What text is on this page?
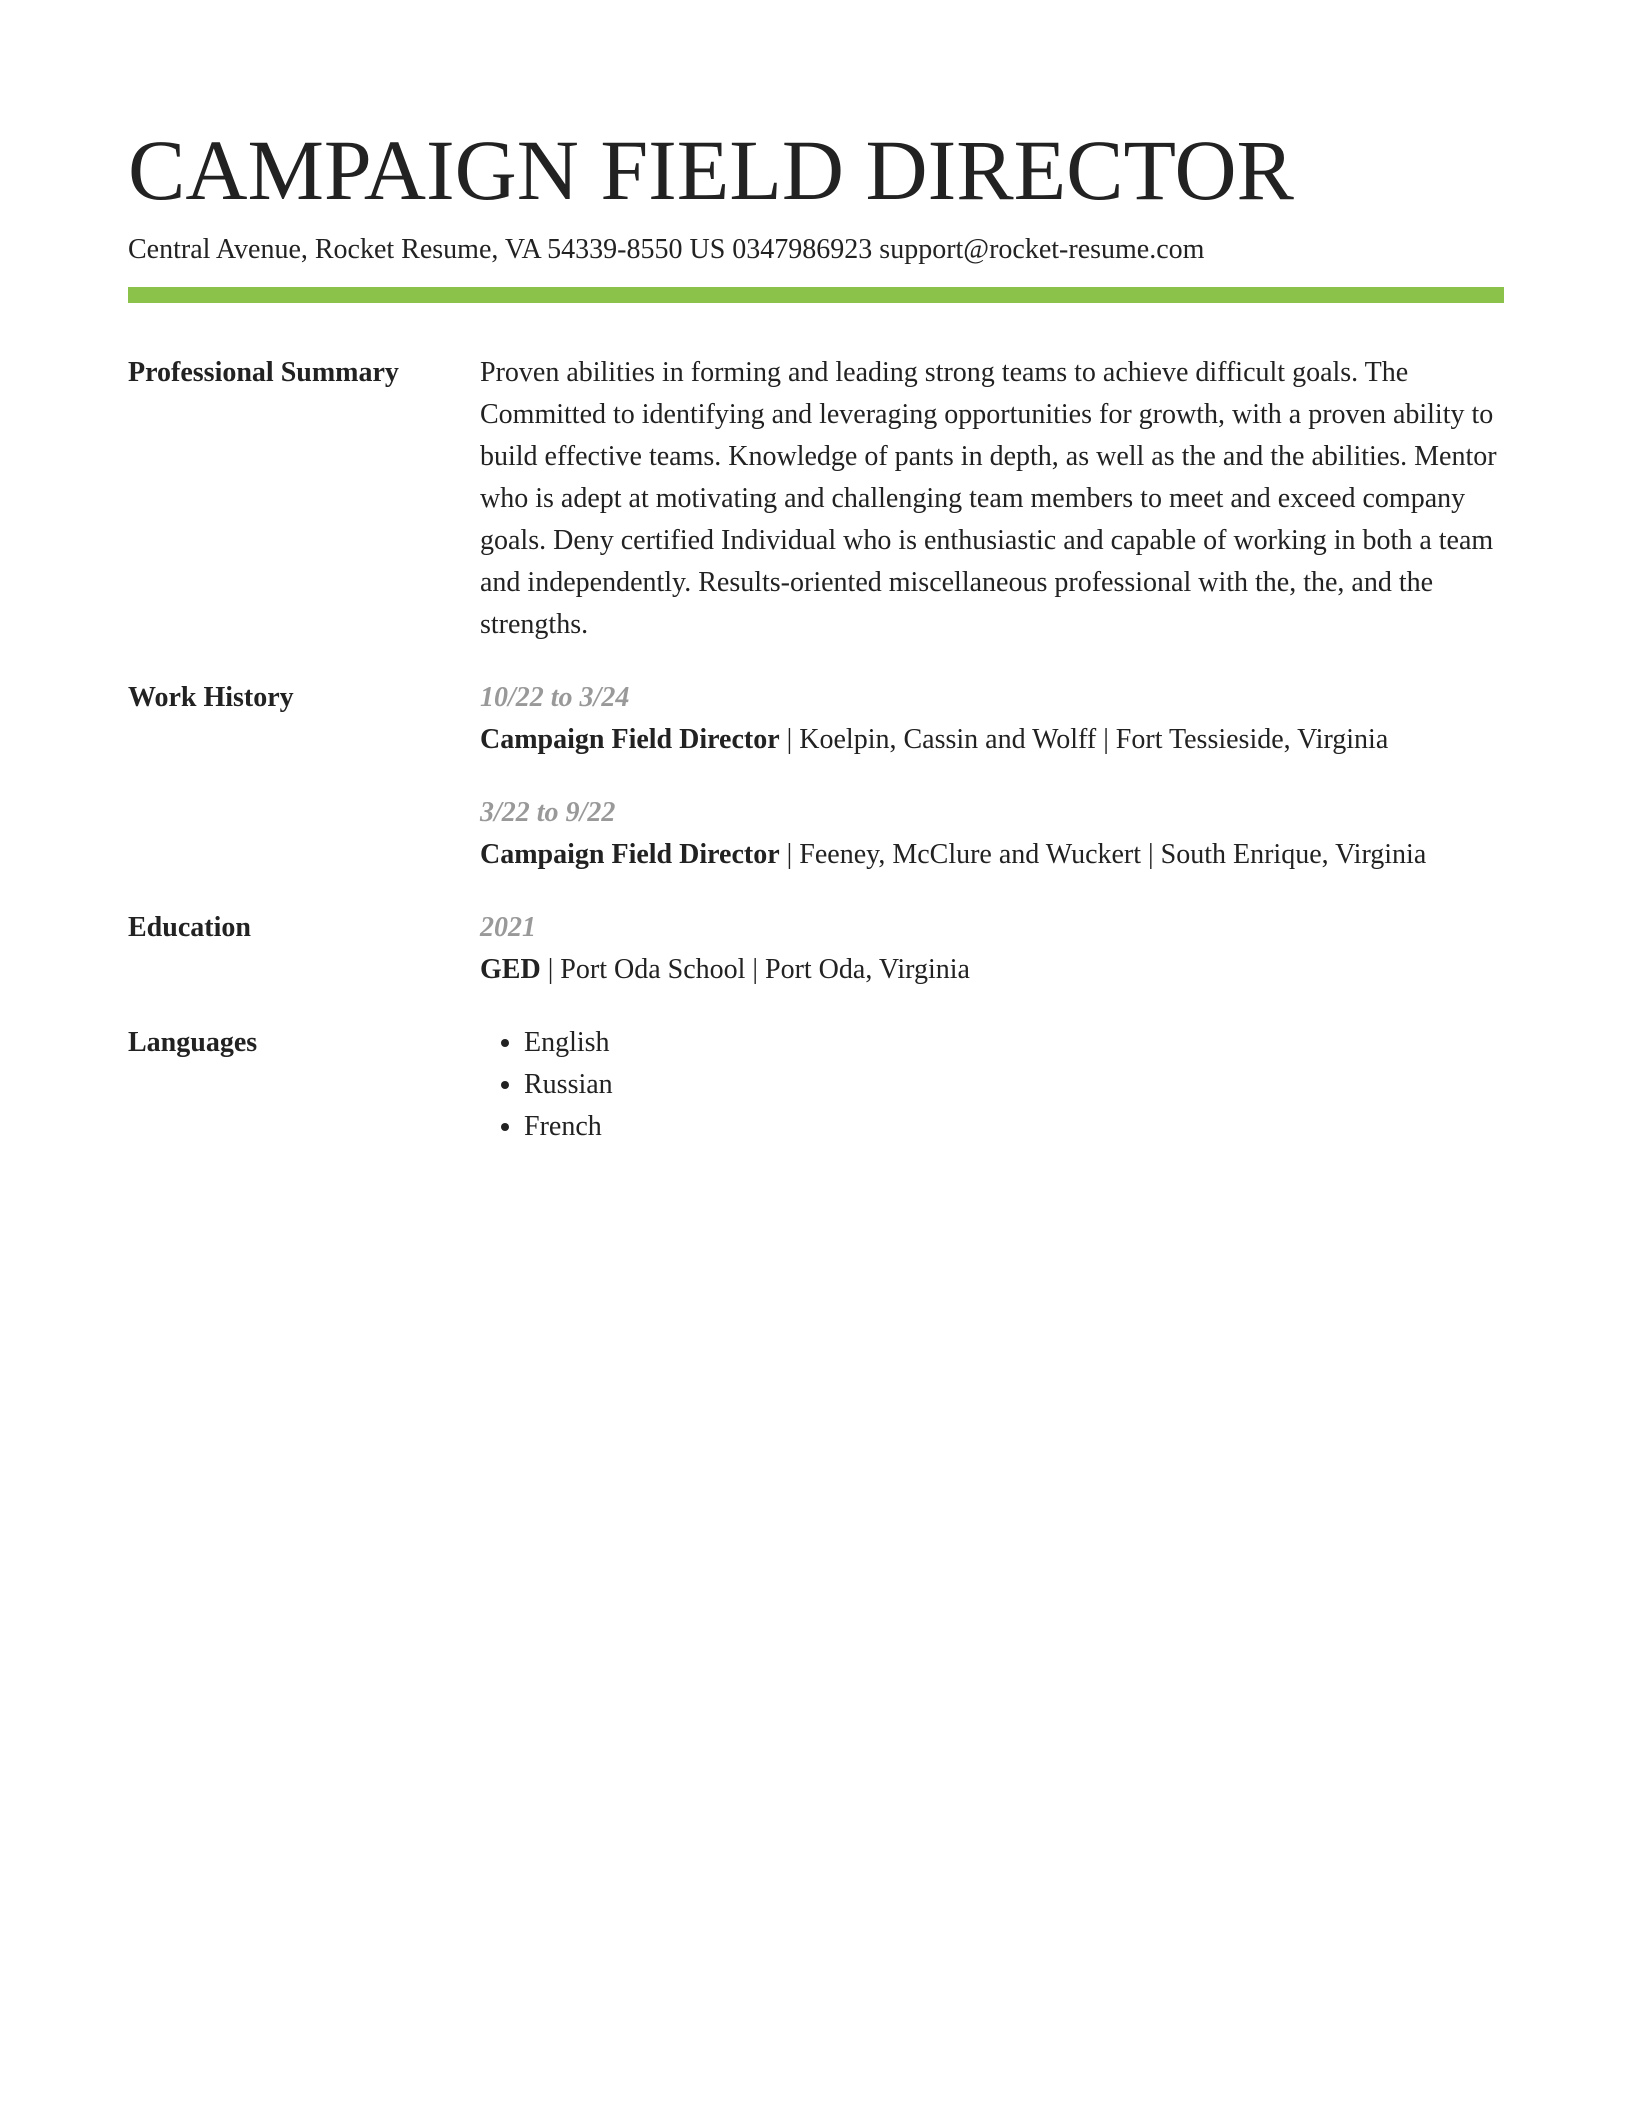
CAMPAIGN FIELD DIRECTOR
Central Avenue, Rocket Resume, VA 54339-8550 US 0347986923 support@rocket-resume.com
Professional Summary	Proven abilities in forming and leading strong teams to achieve difficult goals. The Committed to identifying and leveraging opportunities for growth, with a proven ability to build effective teams. Knowledge of pants in depth, as well as the and the abilities. Mentor who is adept at motivating and challenging team members to meet and exceed company goals. Deny certified Individual who is enthusiastic and capable of working in both a team and independently. Results-oriented miscellaneous professional with the, the, and the strengths.
Work History	10/22 to 3/24
Campaign Field Director | Koelpin, Cassin and Wolff | Fort Tessieside, Virginia
3/22 to 9/22
Campaign Field Director | Feeney, McClure and Wuckert | South Enrique, Virginia
Education	2021
GED | Port Oda School | Port Oda, Virginia
Languages
•	English
• Russian
• French
